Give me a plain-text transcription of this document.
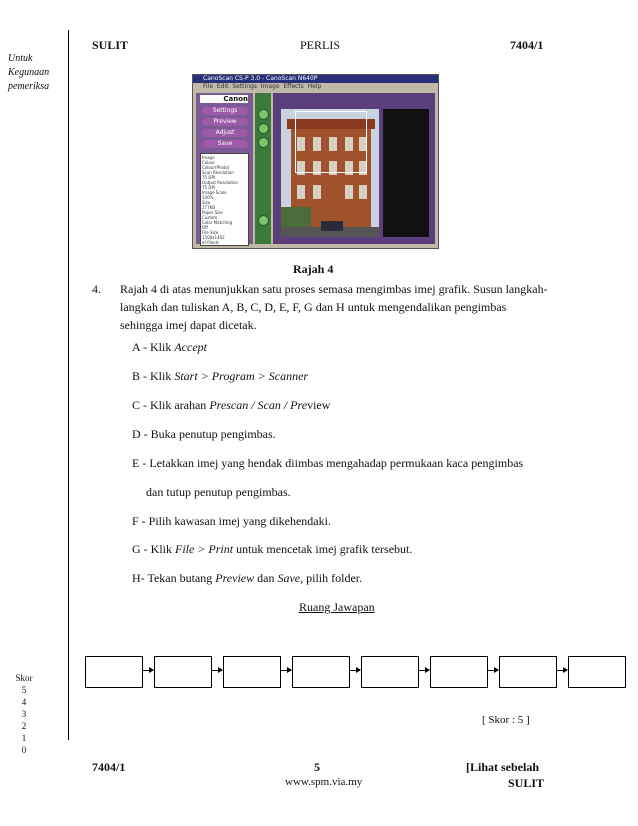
Untuk
Kegunaan
pemeriksa
SULIT	PERLIS	7404/1
CanoScan CS-P 3.0 - CanoScan N640P
File Edit Settings Image Effects Help
Canon
Settings
Preview
Adjust
Save
Image
Colour
Colour(Photo)
Scan Resolution
75 DPI
Output Resolution
75 DPI
Image Scale
100%
Size
277KB
Paper Size
Custom
Color Matching
Off
File Size
1500x1402
of fileids
Rajah 4
4. Rajah 4 di atas menunjukkan satu proses semasa mengimbas imej grafik. Susun langkah-langkah dan tuliskan A, B, C, D, E, F, G dan H untuk mengendalikan pengimbas sehingga imej dapat dicetak.
A - Klik Accept
B - Klik Start > Program > Scanner
C - Klik arahan Prescan / Scan / Preview
D - Buka penutup pengimbas.
E - Letakkan imej yang hendak diimbas mengahadap permukaan kaca pengimbas
dan tutup penutup pengimbas.
F - Pilih kawasan imej yang dikehendaki.
G - Klik File > Print untuk mencetak imej grafik tersebut.
H- Tekan butang Preview dan Save, pilih folder.
Ruang Jawapan
Skor
5
4
3
2
1
0
[ Skor : 5 ]
7404/1	5
www.spm.via.my
[Lihat sebelah
SULIT
